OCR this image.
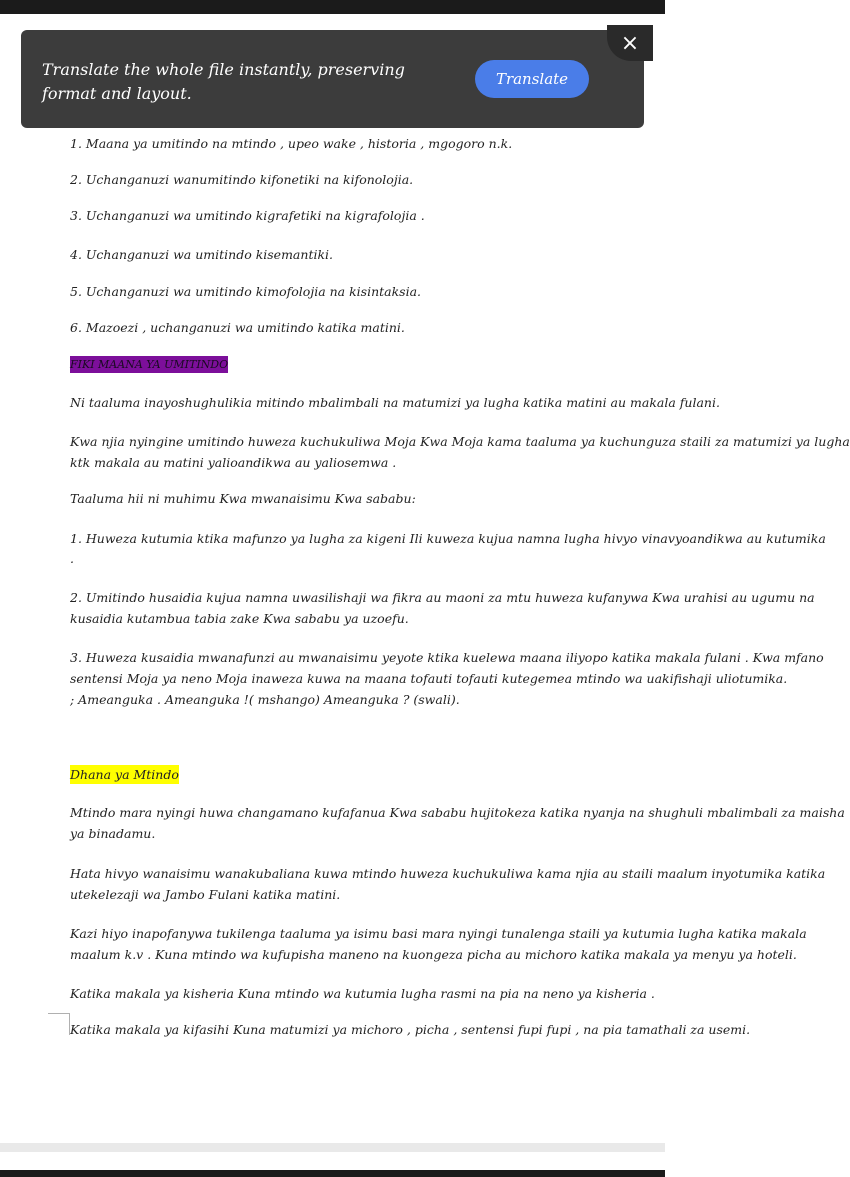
1. Maana ya umitindo na mtindo , upeo wake , historia , mgogoro n.k.
2. Uchanganuzi wanumitindo kifonetiki na kifonolojia.
3. Uchanganuzi wa umitindo kigrafetiki na kigrafolojia .
4. Uchanganuzi wa umitindo kisemantiki.
5. Uchanganuzi wa umitindo kimofolojia na kisintaksia.
6. Mazoezi , uchanganuzi wa umitindo katika matini.
FIKI MAANA YA UMITINDO
Ni taaluma inayoshughulikia mitindo mbalimbali na matumizi ya lugha katika matini au makala fulani.
Kwa njia nyingine umitindo huweza kuchukuliwa Moja Kwa Moja kama taaluma ya kuchunguza staili za matumizi ya lugha
ktk makala au matini yalioandikwa au yaliosemwa .
Taaluma hii ni muhimu Kwa mwanaisimu Kwa sababu:
1. Huweza kutumia ktika mafunzo ya lugha za kigeni Ili kuweza kujua namna lugha hivyo vinavyoandikwa au kutumika
.
2. Umitindo husaidia kujua namna uwasilishaji wa fikra au maoni za mtu huweza kufanywa Kwa urahisi au ugumu na
kusaidia kutambua tabia zake Kwa sababu ya uzoefu.
3. Huweza kusaidia mwanafunzi au mwanaisimu yeyote ktika kuelewa maana iliyopo katika makala fulani . Kwa mfano
sentensi Moja ya neno Moja inaweza kuwa na maana tofauti tofauti kutegemea mtindo wa uakifishaji uliotumika.
; Ameanguka . Ameanguka !( mshango) Ameanguka ? (swali).
Dhana ya Mtindo
Mtindo mara nyingi huwa changamano kufafanua Kwa sababu hujitokeza katika nyanja na shughuli mbalimbali za maisha
ya binadamu.
Hata hivyo wanaisimu wanakubaliana kuwa mtindo huweza kuchukuliwa kama njia au staili maalum inyotumika katika
utekelezaji wa Jambo Fulani katika matini.
Kazi hiyo inapofanywa tukilenga taaluma ya isimu basi mara nyingi tunalenga staili ya kutumia lugha katika makala
maalum k.v . Kuna mtindo wa kufupisha maneno na kuongeza picha au michoro katika makala ya menyu ya hoteli.
Katika makala ya kisheria Kuna mtindo wa kutumia lugha rasmi na pia na neno ya kisheria .
Katika makala ya kifasihi Kuna matumizi ya michoro , picha , sentensi fupi fupi , na pia tamathali za usemi.
Translate the whole file instantly, preserving format and layout.
Translate
×
